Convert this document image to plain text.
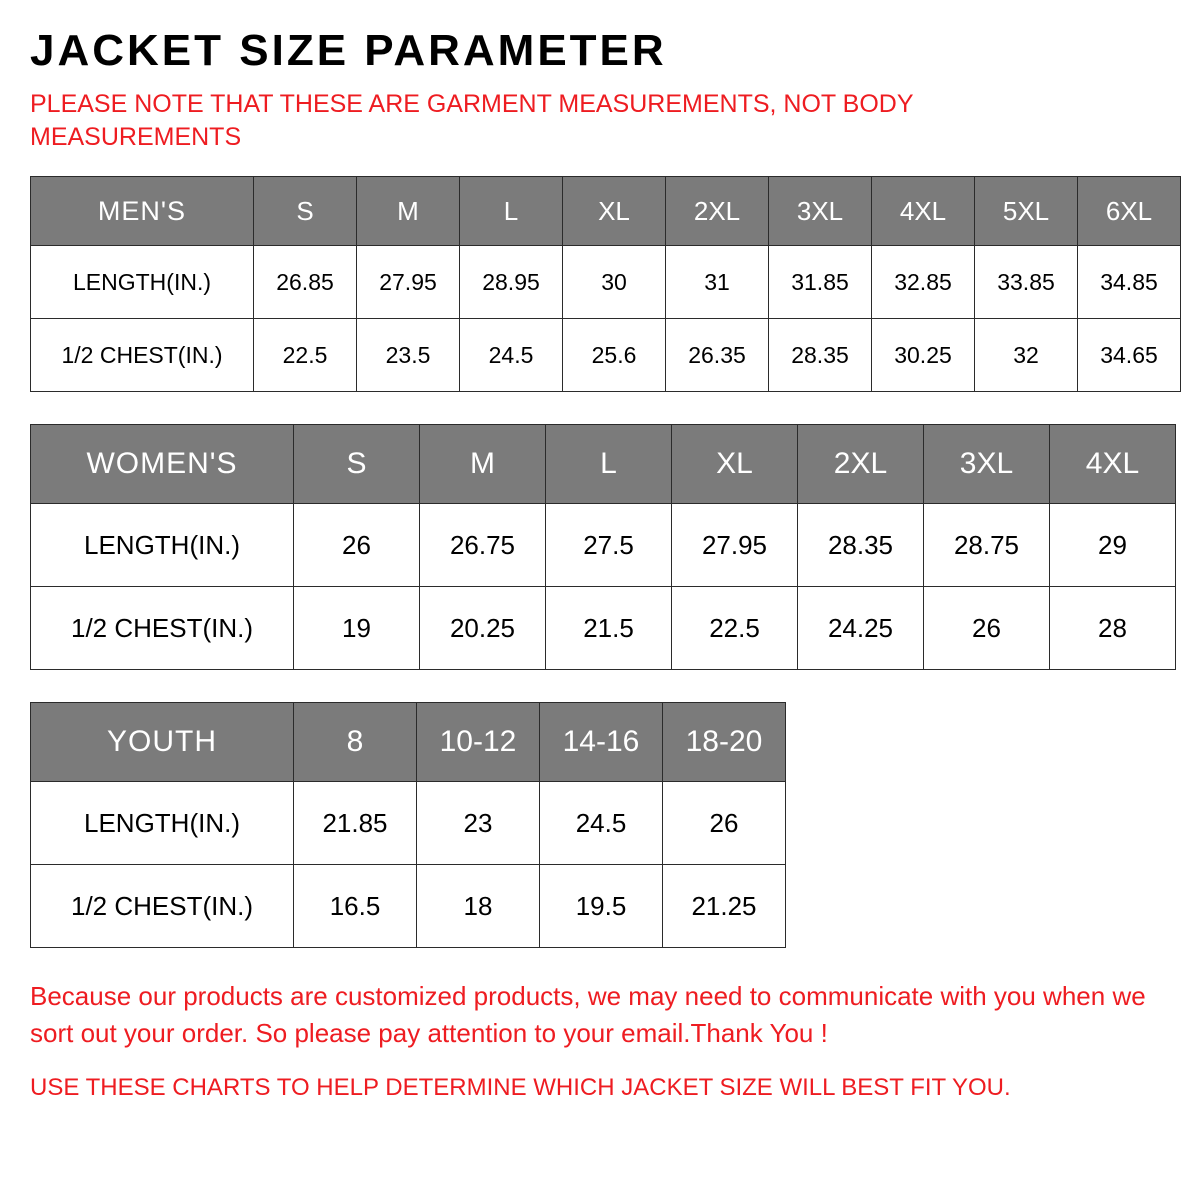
JACKET SIZE PARAMETER

PLEASE NOTE THAT THESE ARE GARMENT MEASUREMENTS, NOT BODY MEASUREMENTS

MEN'S	S	M	L	XL	2XL	3XL	4XL	5XL	6XL
LENGTH(IN.)	26.85	27.95	28.95	30	31	31.85	32.85	33.85	34.85
1/2 CHEST(IN.)	22.5	23.5	24.5	25.6	26.35	28.35	30.25	32	34.65
WOMEN'S	S	M	L	XL	2XL	3XL	4XL
LENGTH(IN.)	26	26.75	27.5	27.95	28.35	28.75	29
1/2 CHEST(IN.)	19	20.25	21.5	22.5	24.25	26	28
YOUTH	8	10-12	14-16	18-20
LENGTH(IN.)	21.85	23	24.5	26
1/2 CHEST(IN.)	16.5	18	19.5	21.25

Because our products are customized products, we may need to communicate with you when we sort out your order. So please pay attention to your email.Thank You !

USE THESE CHARTS TO HELP DETERMINE WHICH JACKET SIZE WILL BEST FIT YOU.
